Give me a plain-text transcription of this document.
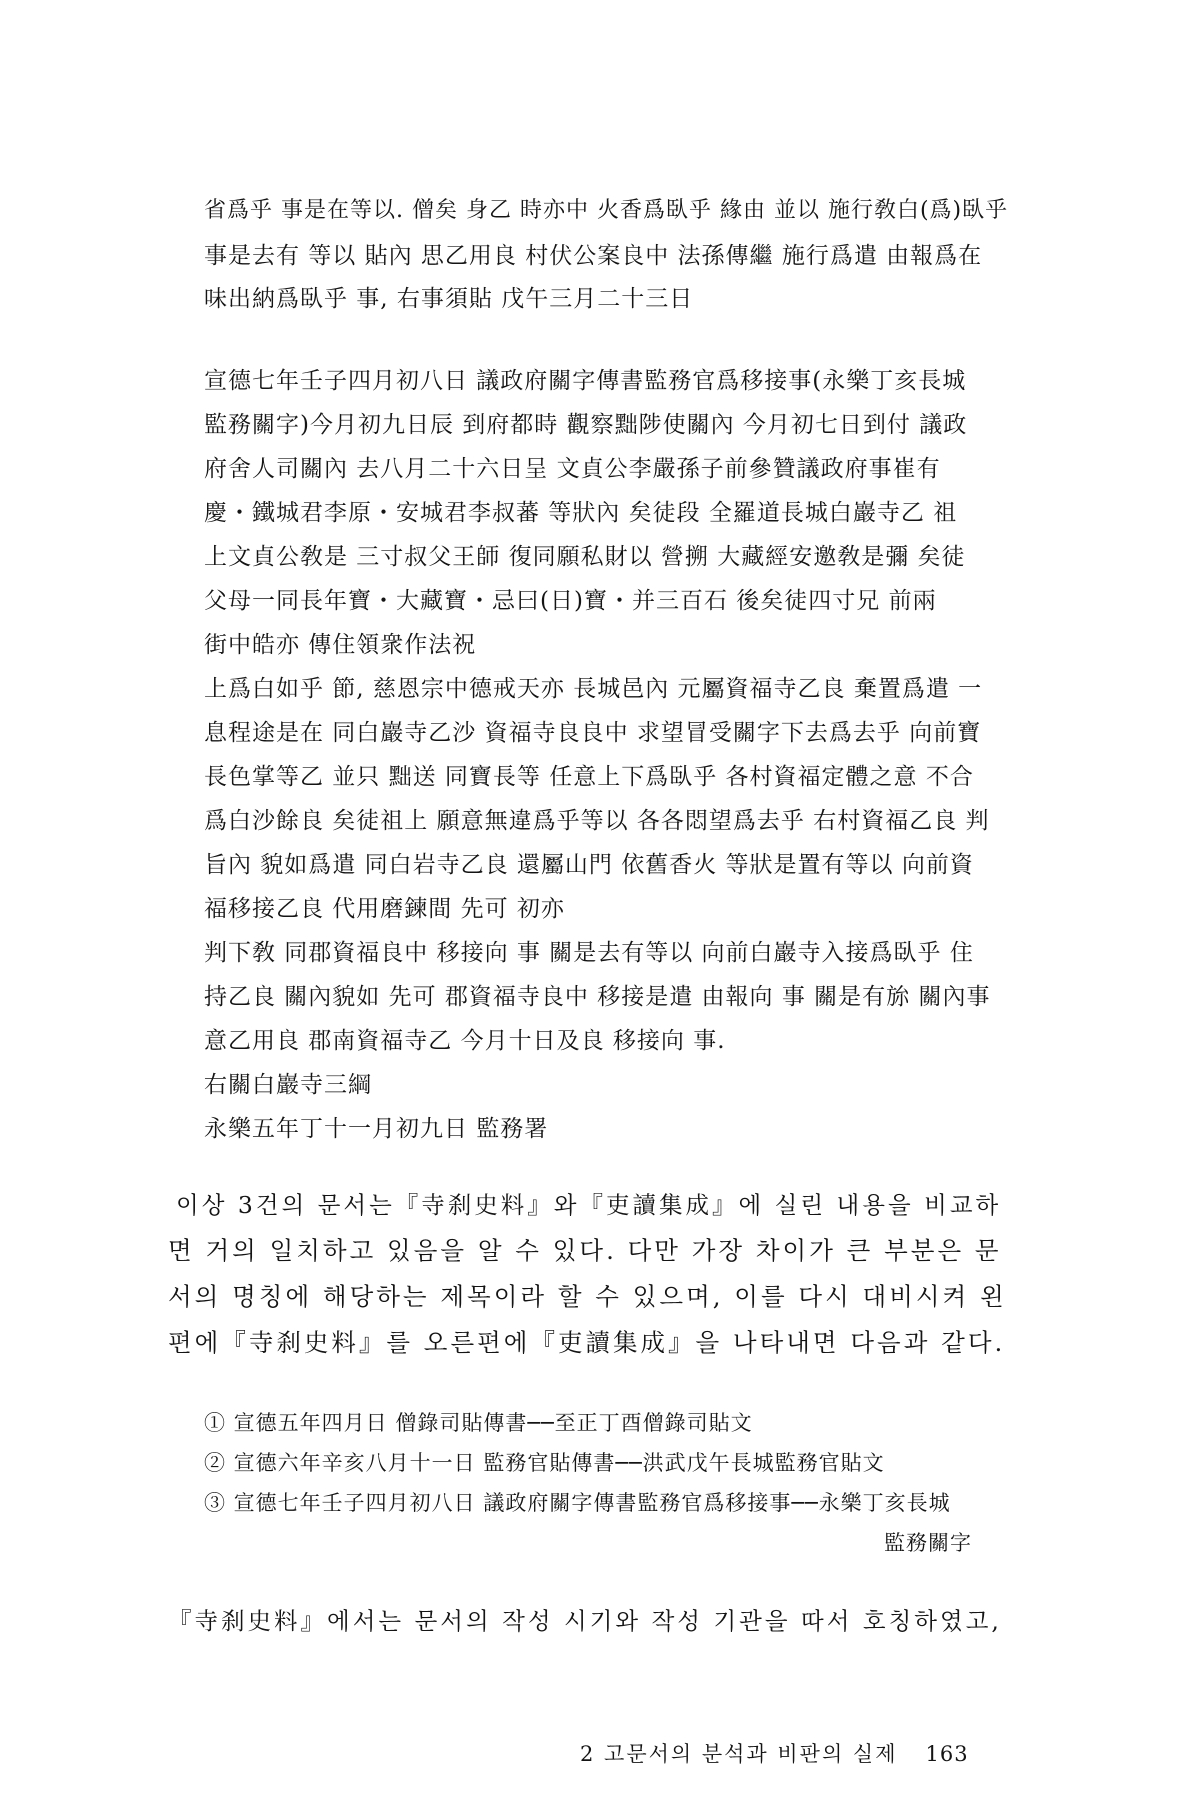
省爲乎 事是在等以. 僧矣 身乙 時亦中 火香爲臥乎 緣由 並以 施行敎白(爲)臥乎
事是去有 等以 貼內 思乙用良 村伏公案良中 法孫傳繼 施行爲遣 由報爲在
味出納爲臥乎 事, 右事須貼 戊午三月二十三日
宣德七年壬子四月初八日 議政府關字傳書監務官爲移接事(永樂丁亥長城
監務關字)今月初九日辰 到府都時 觀察黜陟使關內 今月初七日到付 議政
府舍人司關內 去八月二十六日呈 文貞公李嚴孫子前參贊議政府事崔有
慶・鐵城君李原・安城君李叔蕃 等狀內 矣徒段 全羅道長城白巖寺乙 祖
上文貞公敎是 三寸叔父王師 復同願私財以 營搠 大藏經安邀敎是彌 矣徒
父母一同長年寶・大藏寶・忌曰(日)寶・并三百石 後矣徒四寸兄 前兩
街中皓亦 傳住領衆作法祝
上爲白如乎 節, 慈恩宗中德戒天亦 長城邑內 元屬資福寺乙良 棄置爲遣 一
息程途是在 同白巖寺乙沙 資福寺良良中 求望冒受關字下去爲去乎 向前寶
長色掌等乙 並只 黜送 同寶長等 任意上下爲臥乎 各村資福定體之意 不合
爲白沙餘良 矣徒祖上 願意無違爲乎等以 各各悶望爲去乎 右村資福乙良 判
旨內 貌如爲遣 同白岩寺乙良 還屬山門 依舊香火 等狀是置有等以 向前資
福移接乙良 代用磨鍊間 先可 初亦
判下敎 同郡資福良中 移接向 事 關是去有等以 向前白巖寺入接爲臥乎 住
持乙良 關內貌如 先可 郡資福寺良中 移接是遣 由報向 事 關是有旀 關內事
意乙用良 郡南資福寺乙 今月十日及良 移接向 事.
右關白巖寺三綱
永樂五年丁十一月初九日 監務署
이상 3건의 문서는『寺刹史料』와『吏讀集成』에 실린 내용을 비교하
면 거의 일치하고 있음을 알 수 있다. 다만 가장 차이가 큰 부분은 문
서의 명칭에 해당하는 제목이라 할 수 있으며, 이를 다시 대비시켜 왼
편에『寺刹史料』를 오른편에『吏讀集成』을 나타내면 다음과 같다.
① 宣德五年四月日 僧錄司貼傳書──至正丁酉僧錄司貼文
② 宣德六年辛亥八月十一日 監務官貼傳書──洪武戊午長城監務官貼文
③ 宣德七年壬子四月初八日 議政府關字傳書監務官爲移接事──永樂丁亥長城
監務關字
『寺刹史料』에서는 문서의 작성 시기와 작성 기관을 따서 호칭하였고,
2 고문서의 분석과 비판의 실제 163
